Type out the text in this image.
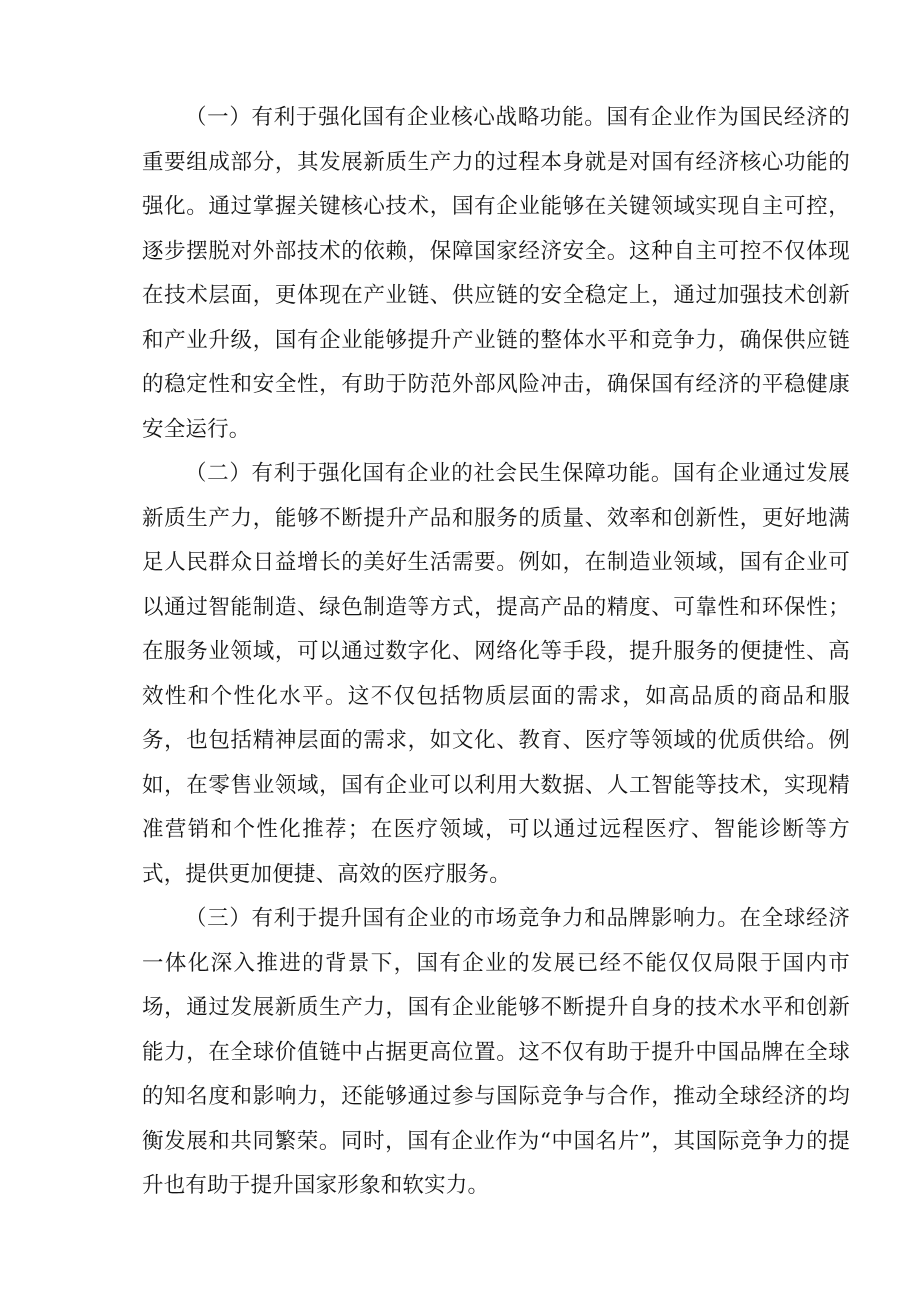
（一）有利于强化国有企业核心战略功能。国有企业作为国民经济的重要组成部分，其发展新质生产力的过程本身就是对国有经济核心功能的强化。通过掌握关键核心技术，国有企业能够在关键领域实现自主可控，逐步摆脱对外部技术的依赖，保障国家经济安全。这种自主可控不仅体现在技术层面，更体现在产业链、供应链的安全稳定上，通过加强技术创新和产业升级，国有企业能够提升产业链的整体水平和竞争力，确保供应链的稳定性和安全性，有助于防范外部风险冲击，确保国有经济的平稳健康安全运行。

（二）有利于强化国有企业的社会民生保障功能。国有企业通过发展新质生产力，能够不断提升产品和服务的质量、效率和创新性，更好地满足人民群众日益增长的美好生活需要。例如，在制造业领域，国有企业可以通过智能制造、绿色制造等方式，提高产品的精度、可靠性和环保性；在服务业领域，可以通过数字化、网络化等手段，提升服务的便捷性、高效性和个性化水平。这不仅包括物质层面的需求，如高品质的商品和服务，也包括精神层面的需求，如文化、教育、医疗等领域的优质供给。例如，在零售业领域，国有企业可以利用大数据、人工智能等技术，实现精准营销和个性化推荐；在医疗领域，可以通过远程医疗、智能诊断等方式，提供更加便捷、高效的医疗服务。

（三）有利于提升国有企业的市场竞争力和品牌影响力。在全球经济一体化深入推进的背景下，国有企业的发展已经不能仅仅局限于国内市场，通过发展新质生产力，国有企业能够不断提升自身的技术水平和创新能力，在全球价值链中占据更高位置。这不仅有助于提升中国品牌在全球的知名度和影响力，还能够通过参与国际竞争与合作，推动全球经济的均衡发展和共同繁荣。同时，国有企业作为“中国名片”，其国际竞争力的提升也有助于提升国家形象和软实力。
